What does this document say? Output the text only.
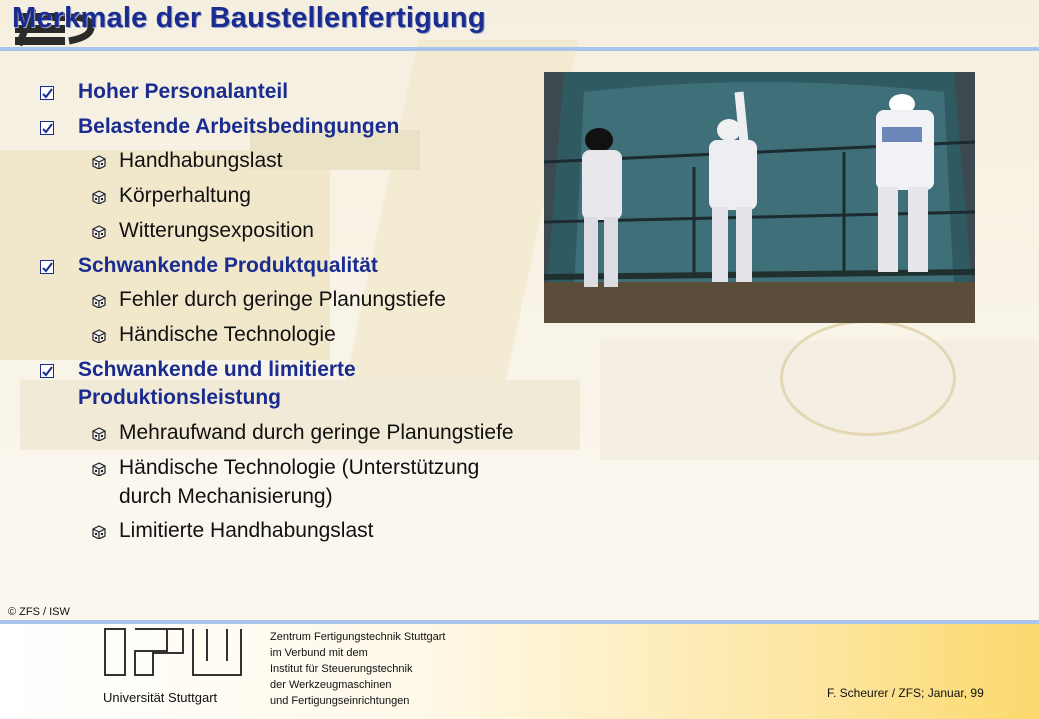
Merkmale der Baustellenfertigung
Hoher Personalanteil
Belastende Arbeitsbedingungen
Handhabungslast
Körperhaltung
Witterungsexposition
Schwankende Produktqualität
Fehler durch geringe Planungstiefe
Händische Technologie
Schwankende und limitierte
Produktionsleistung
Mehraufwand durch geringe Planungstiefe
Händische Technologie (Unterstützung
durch Mechanisierung)
Limitierte Handhabungslast
© ZFS / ISW
Universität Stuttgart
Zentrum Fertigungstechnik Stuttgart
im Verbund mit dem
Institut für Steuerungstechnik
der Werkzeugmaschinen
und Fertigungseinrichtungen
F. Scheurer / ZFS; Januar, 99
